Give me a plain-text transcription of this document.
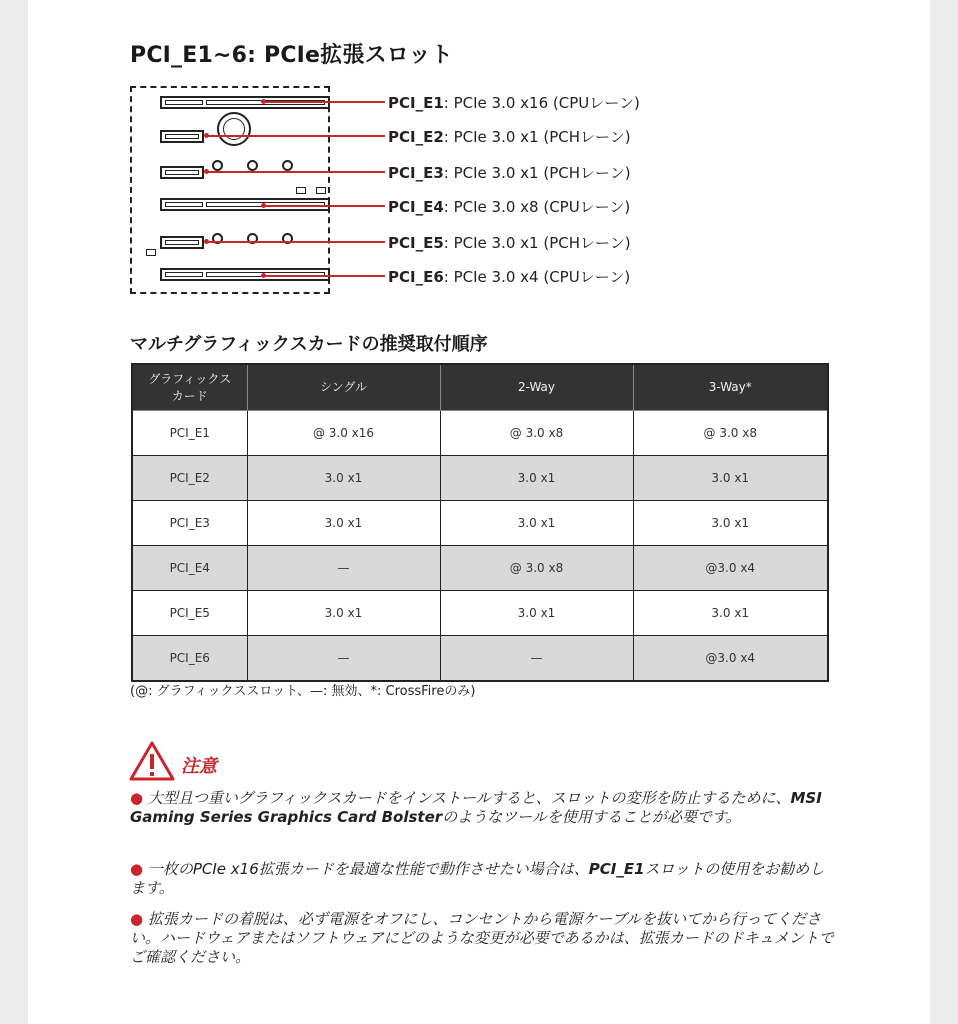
PCI_E1~6: PCIe拡張スロット
PCI_E1: PCIe 3.0 x16 (CPUレーン)
PCI_E2: PCIe 3.0 x1 (PCHレーン)
PCI_E3: PCIe 3.0 x1 (PCHレーン)
PCI_E4: PCIe 3.0 x8 (CPUレーン)
PCI_E5: PCIe 3.0 x1 (PCHレーン)
PCI_E6: PCIe 3.0 x4 (CPUレーン)
マルチグラフィックスカードの推奨取付順序
グラフィックス
カード	シングル	2-Way	3-Way*
PCI_E1	@ 3.0 x16	@ 3.0 x8	@ 3.0 x8
PCI_E2	3.0 x1	3.0 x1	3.0 x1
PCI_E3	3.0 x1	3.0 x1	3.0 x1
PCI_E4	—	@ 3.0 x8	@3.0 x4
PCI_E5	3.0 x1	3.0 x1	3.0 x1
PCI_E6	—	—	@3.0 x4
(@: グラフィックススロット、—: 無効、*: CrossFireのみ)
注意
● 大型且つ重いグラフィックスカードをインストールすると、スロットの変形を防止するために、MSI Gaming Series Graphics Card Bolsterのようなツールを使用することが必要です。
● 一枚のPCIe x16拡張カードを最適な性能で動作させたい場合は、PCI_E1スロットの使用をお勧めします。
● 拡張カードの着脱は、必ず電源をオフにし、コンセントから電源ケーブルを抜いてから行ってください。ハードウェアまたはソフトウェアにどのような変更が必要であるかは、拡張カードのドキュメントでご確認ください。
